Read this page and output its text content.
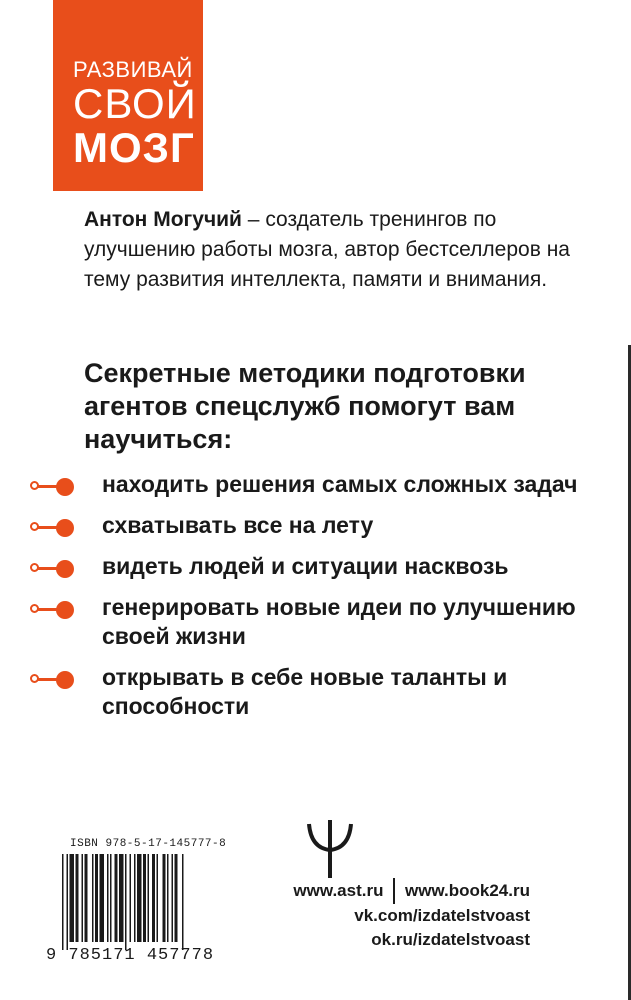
РАЗВИВАЙ
СВОЙ
МОЗГ

Антон Могучий – создатель тренингов по улучшению работы мозга, автор бестселлеров на тему развития интеллекта, памяти и внимания.

Секретные методики подготовки агентов спецслужб помогут вам научиться:

находить решения самых сложных задач
схватывать все на лету
видеть людей и ситуации насквозь
генерировать новые идеи по улучшению своей жизни
открывать в себе новые таланты и способности
ISBN 978-5-17-145777-8
9 785171 457778
www.ast.ru www.book24.ru
vk.com/izdatelstvoast
ok.ru/izdatelstvoast
